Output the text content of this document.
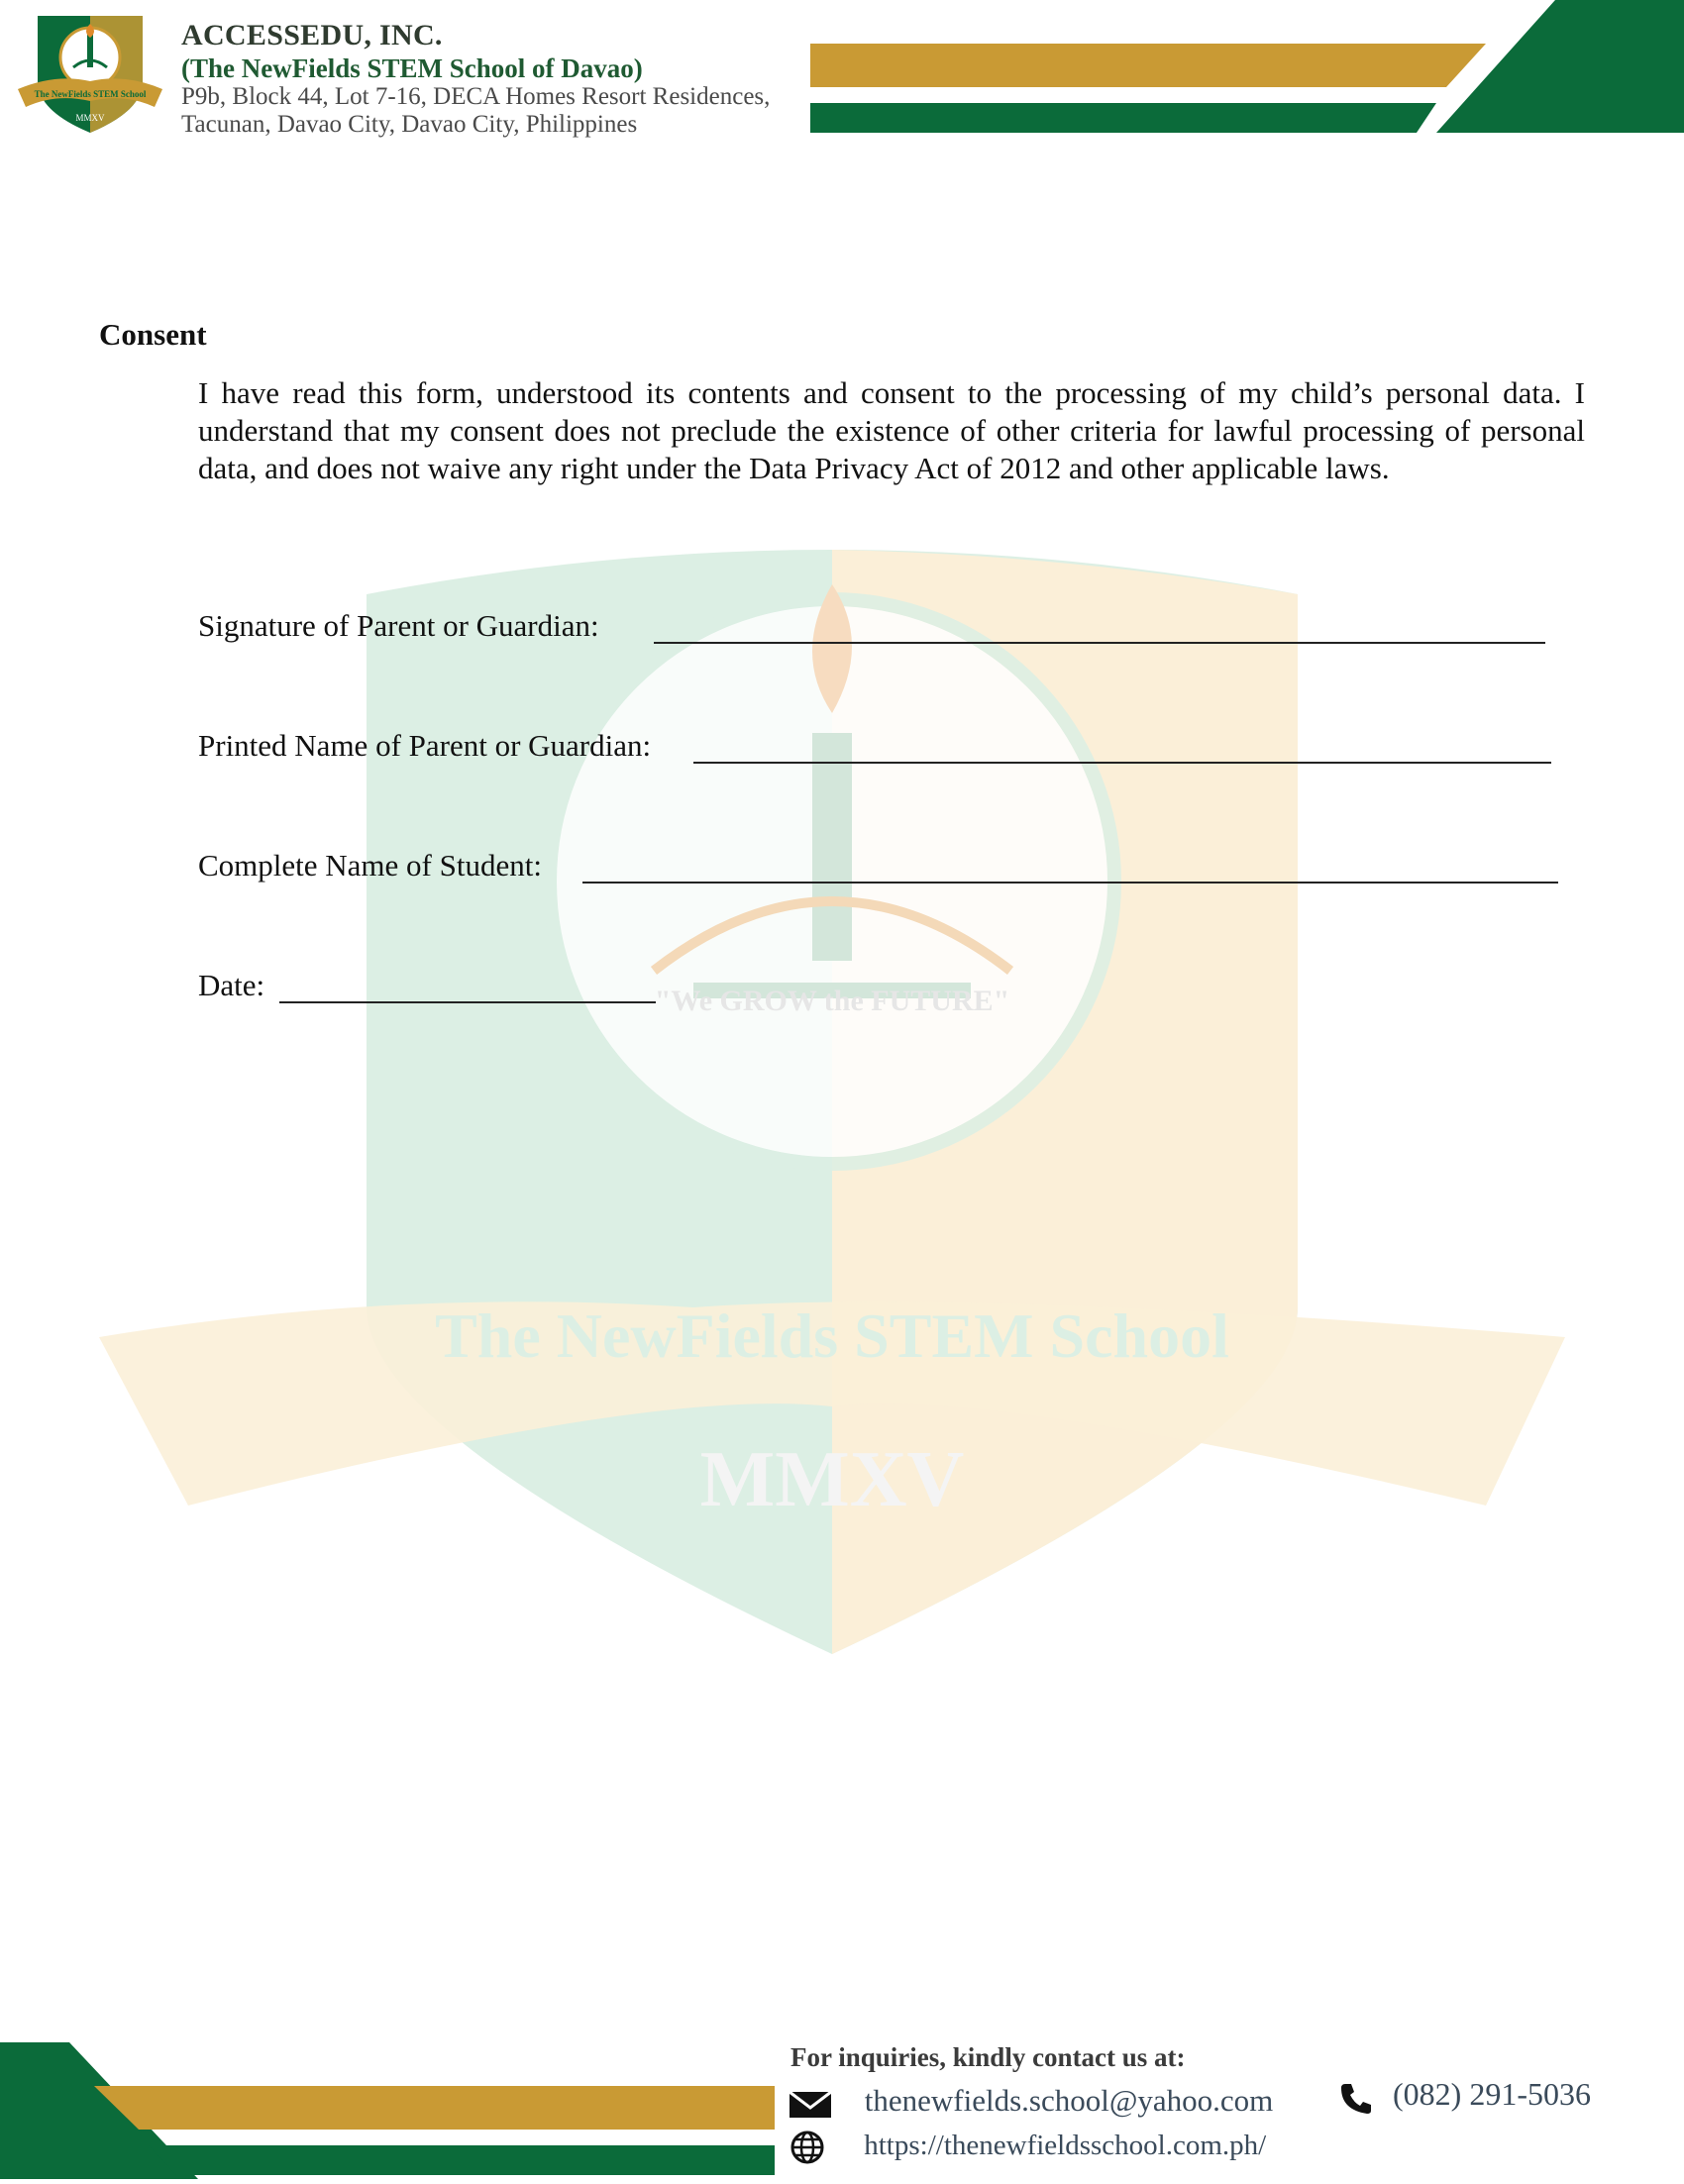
The NewFields STEM School
MMXV
ACCESSEDU, INC.
(The NewFields STEM School of Davao)
P9b, Block 44, Lot 7-16, DECA Homes Resort Residences,
Tacunan, Davao City, Davao City, Philippines
The NewFields STEM School
"We GROW the FUTURE"
MMXV
Consent
I have read this form, understood its contents and consent to the processing of my child’s personal data. I understand that my consent does not preclude the existence of other criteria for lawful processing of personal data, and does not waive any right under the Data Privacy Act of 2012 and other applicable laws.
Signature of Parent or Guardian:
Printed Name of Parent or Guardian:
Complete Name of Student:
Date:
For inquiries, kindly contact us at:
thenewfields.school@yahoo.com
https://thenewfieldsschool.com.ph/
(082) 291-5036
